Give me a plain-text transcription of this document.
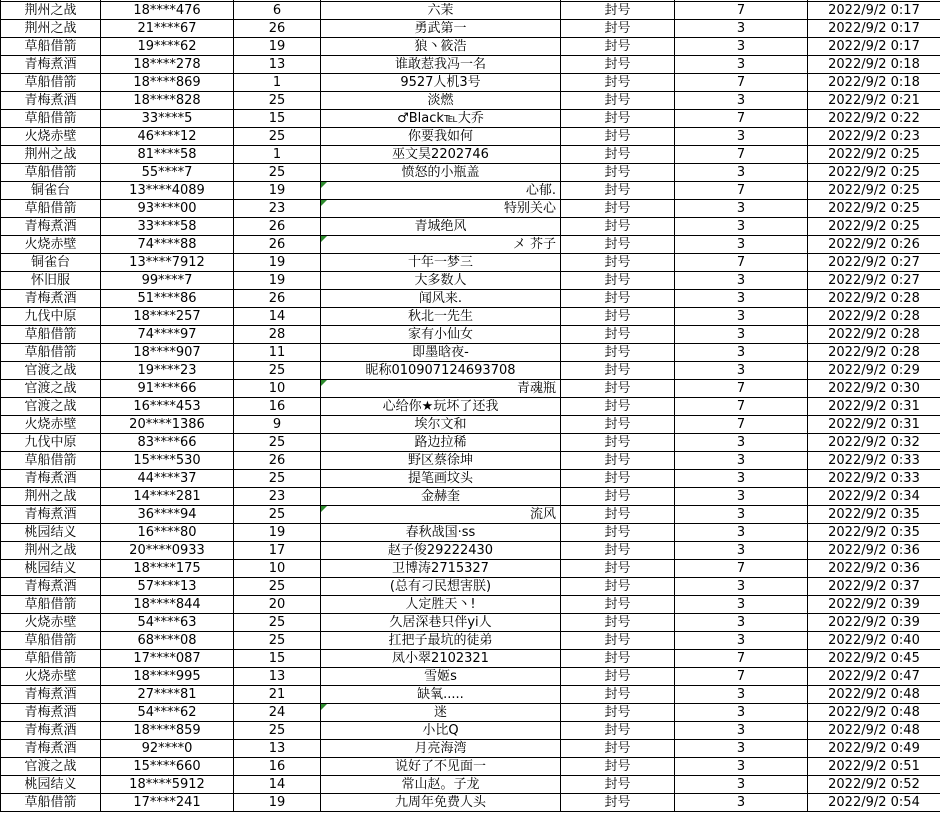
荆州之战	18****476	6	六茉	封号	7	2022/9/2 0:17
荆州之战	21****67	26	勇武第一	封号	3	2022/9/2 0:17
草船借箭	19****62	19	狼丶筱浩	封号	3	2022/9/2 0:17
青梅煮酒	18****278	13	谁敢惹我冯一名	封号	3	2022/9/2 0:18
草船借箭	18****869	1	9527人机3号	封号	7	2022/9/2 0:18
青梅煮酒	18****828	25	淡燃	封号	3	2022/9/2 0:21
草船借箭	33****5	15	♂Black℡大乔	封号	7	2022/9/2 0:22
火烧赤壁	46****12	25	你要我如何	封号	3	2022/9/2 0:23
荆州之战	81****58	1	巫文昊2202746	封号	7	2022/9/2 0:25
草船借箭	55****7	25	愤怒的小瓶盖	封号	3	2022/9/2 0:25
铜雀台	13****4089	19	心郁.	封号	7	2022/9/2 0:25
草船借箭	93****00	23	特别关心	封号	3	2022/9/2 0:25
青梅煮酒	33****58	26	青城绝风	封号	3	2022/9/2 0:25
火烧赤壁	74****88	26	メ 芥子	封号	3	2022/9/2 0:26
铜雀台	13****7912	19	十年一梦三	封号	7	2022/9/2 0:27
怀旧服	99****7	19	大多数人	封号	3	2022/9/2 0:27
青梅煮酒	51****86	26	闻风来.	封号	3	2022/9/2 0:28
九伐中原	18****257	14	秋北一先生	封号	3	2022/9/2 0:28
草船借箭	74****97	28	家有小仙女	封号	3	2022/9/2 0:28
草船借箭	18****907	11	即墨晗夜-	封号	3	2022/9/2 0:28
官渡之战	19****23	25	昵称010907124693708	封号	3	2022/9/2 0:29
官渡之战	91****66	10	青魂瓶	封号	7	2022/9/2 0:30
官渡之战	16****453	16	心给你★玩坏了还我	封号	7	2022/9/2 0:31
火烧赤壁	20****1386	9	埃尔文和	封号	7	2022/9/2 0:31
九伐中原	83****66	25	路边拉稀	封号	3	2022/9/2 0:32
草船借箭	15****530	26	野区蔡徐坤	封号	3	2022/9/2 0:33
青梅煮酒	44****37	25	提笔画坟头	封号	3	2022/9/2 0:33
荆州之战	14****281	23	金赫奎	封号	3	2022/9/2 0:34
青梅煮酒	36****94	25	流风	封号	3	2022/9/2 0:35
桃园结义	16****80	19	春秋战国·ss	封号	3	2022/9/2 0:35
荆州之战	20****0933	17	赵子俊29222430	封号	3	2022/9/2 0:36
桃园结义	18****175	10	卫博涛2715327	封号	7	2022/9/2 0:36
青梅煮酒	57****13	25	(总有刁民想害朕)	封号	3	2022/9/2 0:37
草船借箭	18****844	20	人定胜天丶!	封号	3	2022/9/2 0:39
火烧赤壁	54****63	25	久居深巷只伴yi人	封号	3	2022/9/2 0:39
草船借箭	68****08	25	扛把子最坑的徒弟	封号	3	2022/9/2 0:40
草船借箭	17****087	15	凤小翠2102321	封号	7	2022/9/2 0:45
火烧赤壁	18****995	13	雪姬s	封号	7	2022/9/2 0:47
青梅煮酒	27****81	21	缺氧.....	封号	3	2022/9/2 0:48
青梅煮酒	54****62	24	迷	封号	3	2022/9/2 0:48
青梅煮酒	18****859	25	小比Q	封号	3	2022/9/2 0:48
青梅煮酒	92****0	13	月亮海湾	封号	3	2022/9/2 0:49
官渡之战	15****660	16	说好了不见面一	封号	3	2022/9/2 0:51
桃园结义	18****5912	14	常山赵。子龙	封号	3	2022/9/2 0:52
草船借箭	17****241	19	九周年免费人头	封号	3	2022/9/2 0:54
